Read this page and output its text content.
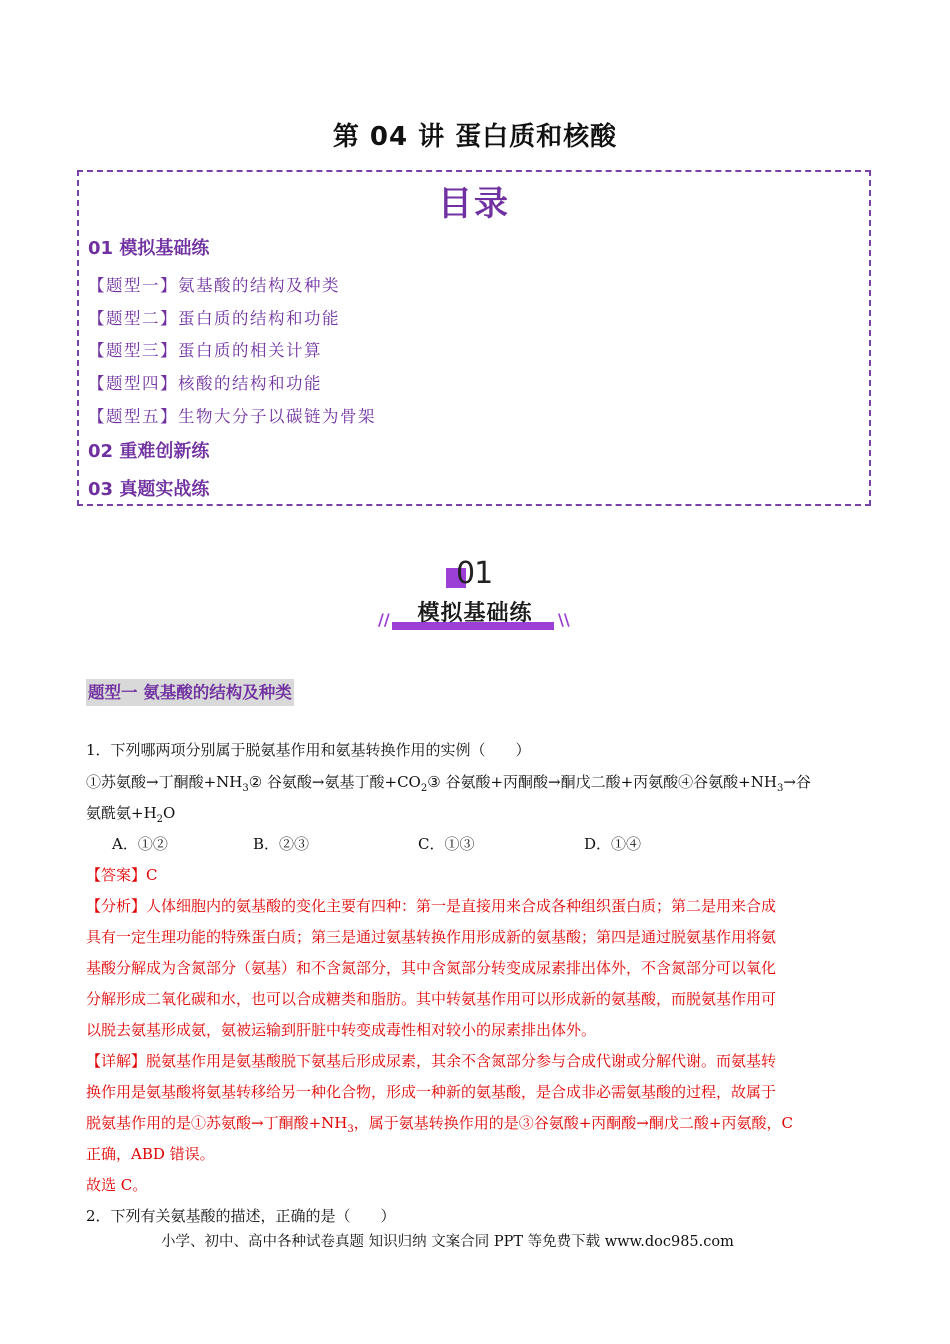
第 04 讲 蛋白质和核酸
目录
01 模拟基础练
【题型一】氨基酸的结构及种类
【题型二】蛋白质的结构和功能
【题型三】蛋白质的相关计算
【题型四】核酸的结构和功能
【题型五】生物大分子以碳链为骨架
02 重难创新练
03 真题实战练
01
//	\\
模拟基础练
题型一 氨基酸的结构及种类
1．下列哪两项分别属于脱氨基作用和氨基转换作用的实例（　　）
①苏氨酸→丁酮酸$+NH_3②$ 谷氨酸→氨基丁酸$+CO_2③$ 谷氨酸+丙酮酸→酮戊二酸+丙氨酸④谷氨酸$+NH_3\to$谷
氨酰氨$+H_2O$
A．①②	B．②③	C．①③	D．①④
【答案】C
【分析】人体细胞内的氨基酸的变化主要有四种：第一是直接用来合成各种组织蛋白质；第二是用来合成
具有一定生理功能的特殊蛋白质；第三是通过氨基转换作用形成新的氨基酸；第四是通过脱氨基作用将氨
基酸分解成为含氮部分（氨基）和不含氮部分，其中含氮部分转变成尿素排出体外，不含氮部分可以氧化
分解形成二氧化碳和水，也可以合成糖类和脂肪。其中转氨基作用可以形成新的氨基酸，而脱氨基作用可
以脱去氨基形成氨，氨被运输到肝脏中转变成毒性相对较小的尿素排出体外。
【详解】脱氨基作用是氨基酸脱下氨基后形成尿素，其余不含氮部分参与合成代谢或分解代谢。而氨基转
换作用是氨基酸将氨基转移给另一种化合物，形成一种新的氨基酸，是合成非必需氨基酸的过程，故属于
脱氨基作用的是①苏氨酸→丁酮酸$+NH_3$，属于氨基转换作用的是③谷氨酸+丙酮酸→酮戊二酸+丙氨酸，C
正确，ABD 错误。
故选 C。
2．下列有关氨基酸的描述，正确的是（　　）
小学、初中、高中各种试卷真题 知识归纳 文案合同 PPT 等免费下载 www.doc985.com
